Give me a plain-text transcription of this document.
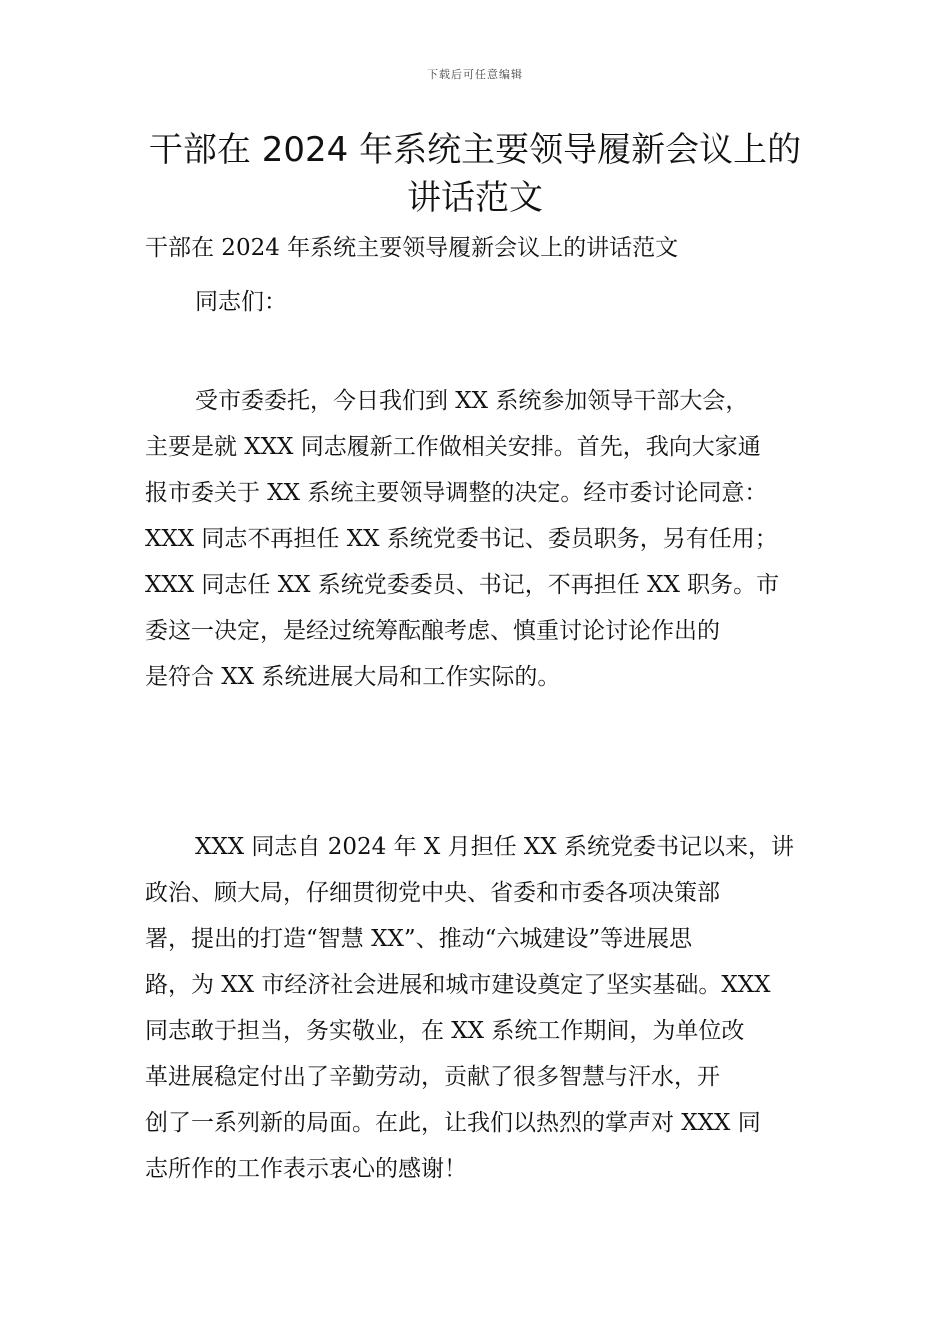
下载后可任意编辑
干部在 2024 年系统主要领导履新会议上的
讲话范文
干部在 2024 年系统主要领导履新会议上的讲话范文
同志们：
受市委委托，今日我们到 XX 系统参加领导干部大会，
主要是就 XXX 同志履新工作做相关安排。首先，我向大家通
报市委关于 XX 系统主要领导调整的决定。经市委讨论同意：
XXX 同志不再担任 XX 系统党委书记、委员职务，另有任用；
XXX 同志任 XX 系统党委委员、书记，不再担任 XX 职务。市
委这一决定，是经过统筹酝酿考虑、慎重讨论讨论作出的
是符合 XX 系统进展大局和工作实际的。
XXX 同志自 2024 年 X 月担任 XX 系统党委书记以来，讲
政治、顾大局，仔细贯彻党中央、省委和市委各项决策部
署，提出的打造“智慧 XX”、推动“六城建设”等进展思
路，为 XX 市经济社会进展和城市建设奠定了坚实基础。XXX
同志敢于担当，务实敬业，在 XX 系统工作期间，为单位改
革进展稳定付出了辛勤劳动，贡献了很多智慧与汗水，开
创了一系列新的局面。在此，让我们以热烈的掌声对 XXX 同
志所作的工作表示衷心的感谢！
